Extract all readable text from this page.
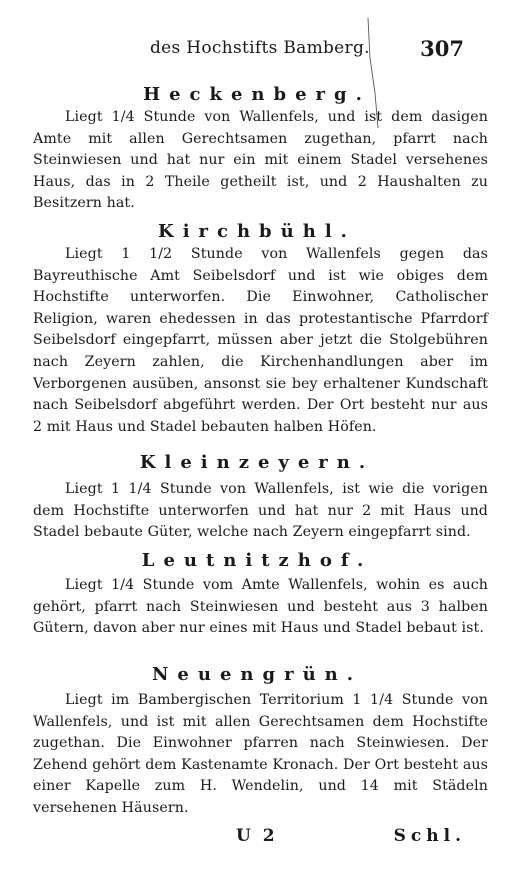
des Hochstifts Bamberg. 307
Heckenberg.
Liegt 1/4 Stunde von Wallenfels, und ist dem dasigen Amte mit allen Gerechtsamen zugethan, pfarrt nach Steinwiesen und hat nur ein mit einem Stadel versehenes Haus, das in 2 Theile getheilt ist, und 2 Haushalten zu Besitzern hat.
Kirchbühl.
Liegt 1 1/2 Stunde von Wallenfels gegen das Bayreuthische Amt Seibelsdorf und ist wie obiges dem Hochstifte unterworfen. Die Einwohner, Catholischer Religion, waren ehedessen in das protestantische Pfarrdorf Seibelsdorf eingepfarrt, müssen aber jetzt die Stolgebühren nach Zeyern zahlen, die Kirchenhandlungen aber im Verborgenen ausüben, ansonst sie bey erhaltener Kundschaft nach Seibelsdorf abgeführt werden. Der Ort besteht nur aus 2 mit Haus und Stadel bebauten halben Höfen.
Kleinzeyern.
Liegt 1 1/4 Stunde von Wallenfels, ist wie die vorigen dem Hochstifte unterworfen und hat nur 2 mit Haus und Stadel bebaute Güter, welche nach Zeyern eingepfarrt sind.
Leutnitzhof.
Liegt 1/4 Stunde vom Amte Wallenfels, wohin es auch gehört, pfarrt nach Steinwiesen und besteht aus 3 halben Gütern, davon aber nur eines mit Haus und Stadel bebaut ist.
Neuengrün.
Liegt im Bambergischen Territorium 1 1/4 Stunde von Wallenfels, und ist mit allen Gerechtsamen dem Hochstifte zugethan. Die Einwohner pfarren nach Steinwiesen. Der Zehend gehört dem Kastenamte Kronach. Der Ort besteht aus einer Kapelle zum H. Wendelin, und 14 mit Städeln versehenen Häusern.
U 2	Schl.
